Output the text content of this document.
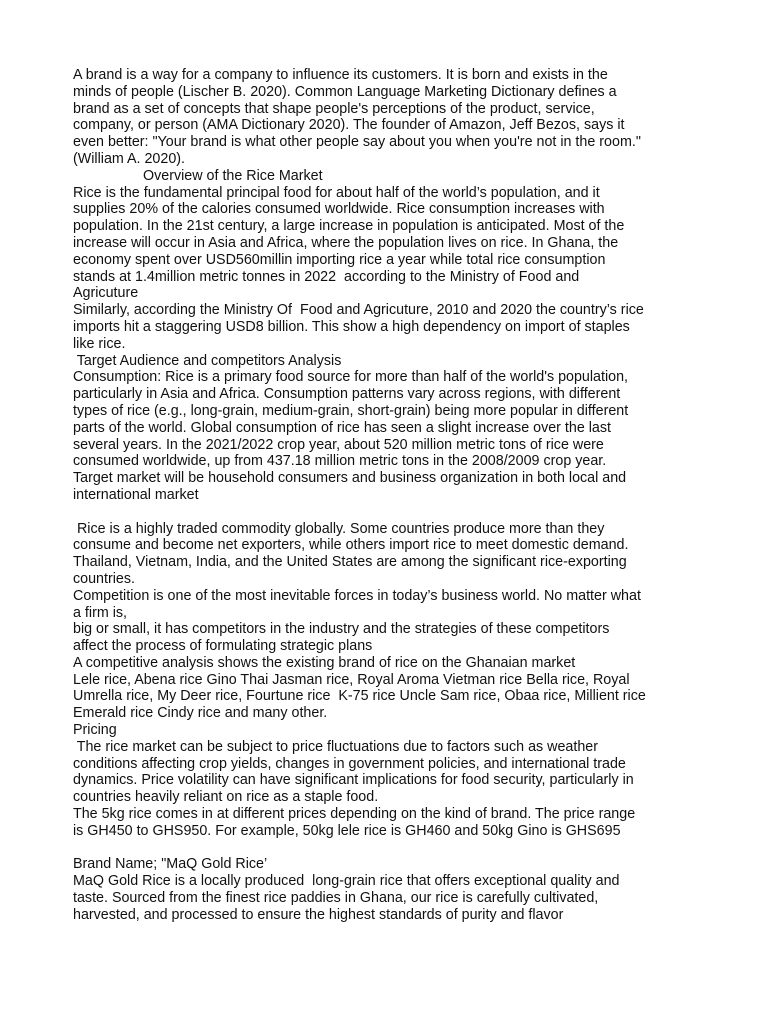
A brand is a way for a company to influence its customers. It is born and exists in the
minds of people (Lischer B. 2020). Common Language Marketing Dictionary defines a
brand as a set of concepts that shape people's perceptions of the product, service,
company, or person (AMA Dictionary 2020). The founder of Amazon, Jeff Bezos, says it
even better: "Your brand is what other people say about you when you're not in the room."
(William A. 2020).
Overview of the Rice Market
Rice is the fundamental principal food for about half of the world’s population, and it
supplies 20% of the calories consumed worldwide. Rice consumption increases with
population. In the 21st century, a large increase in population is anticipated. Most of the
increase will occur in Asia and Africa, where the population lives on rice. In Ghana, the
economy spent over USD560millin importing rice a year while total rice consumption
stands at 1.4million metric tonnes in 2022  according to the Ministry of Food and
Agricuture
Similarly, according the Ministry Of  Food and Agricuture, 2010 and 2020 the country’s rice
imports hit a staggering USD8 billion. This show a high dependency on import of staples
like rice.
Target Audience and competitors Analysis
Consumption: Rice is a primary food source for more than half of the world's population,
particularly in Asia and Africa. Consumption patterns vary across regions, with different
types of rice (e.g., long-grain, medium-grain, short-grain) being more popular in different
parts of the world. Global consumption of rice has seen a slight increase over the last
several years. In the 2021/2022 crop year, about 520 million metric tons of rice were
consumed worldwide, up from 437.18 million metric tons in the 2008/2009 crop year.
Target market will be household consumers and business organization in both local and
international market
Rice is a highly traded commodity globally. Some countries produce more than they
consume and become net exporters, while others import rice to meet domestic demand.
Thailand, Vietnam, India, and the United States are among the significant rice-exporting
countries.
Competition is one of the most inevitable forces in today’s business world. No matter what
a firm is,
big or small, it has competitors in the industry and the strategies of these competitors
affect the process of formulating strategic plans
A competitive analysis shows the existing brand of rice on the Ghanaian market
Lele rice, Abena rice Gino Thai Jasman rice, Royal Aroma Vietman rice Bella rice, Royal
Umrella rice, My Deer rice, Fourtune rice  K-75 rice Uncle Sam rice, Obaa rice, Millient rice
Emerald rice Cindy rice and many other.
Pricing
The rice market can be subject to price fluctuations due to factors such as weather
conditions affecting crop yields, changes in government policies, and international trade
dynamics. Price volatility can have significant implications for food security, particularly in
countries heavily reliant on rice as a staple food.
The 5kg rice comes in at different prices depending on the kind of brand. The price range
is GH450 to GHS950. For example, 50kg lele rice is GH460 and 50kg Gino is GHS695
Brand Name; "MaQ Gold Rice’
MaQ Gold Rice is a locally produced  long-grain rice that offers exceptional quality and
taste. Sourced from the finest rice paddies in Ghana, our rice is carefully cultivated,
harvested, and processed to ensure the highest standards of purity and flavor
